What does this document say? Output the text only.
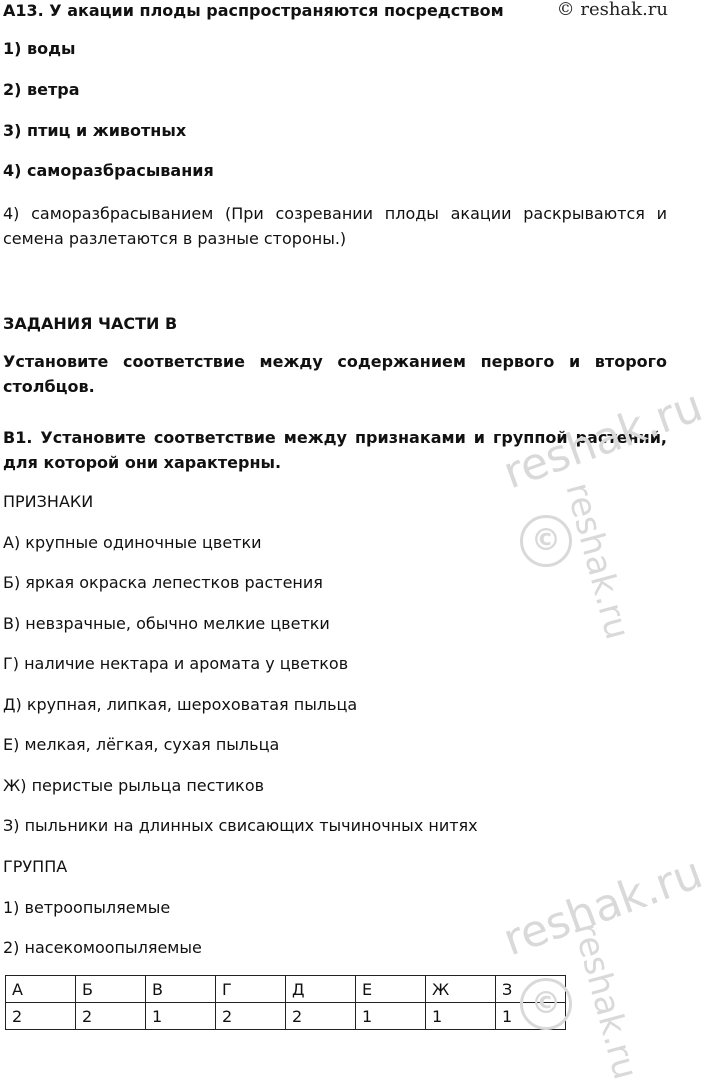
А13. У акации плоды распространяются посредством	© reshak.ru
1) воды
2) ветра
3) птиц и животных
4) саморазбрасывания
4) саморазбрасыванием (При созревании плоды акации раскрываются и семена разлетаются в разные стороны.)
ЗАДАНИЯ ЧАСТИ В
Установите соответствие между содержанием первого и второго столбцов.
В1. Установите соответствие между признаками и группой растений, для которой они характерны.
ПРИЗНАКИ
А) крупные одиночные цветки
Б) яркая окраска лепестков растения
В) невзрачные, обычно мелкие цветки
Г) наличие нектара и аромата у цветков
Д) крупная, липкая, шероховатая пыльца
Е) мелкая, лёгкая, сухая пыльца
Ж) перистые рыльца пестиков
З) пыльники на длинных свисающих тычиночных нитях
ГРУППА
1) ветроопыляемые
2) насекомоопыляемые
А	Б	В	Г	Д	Е	Ж	З
2	2	1	2	2	1	1	1
reshak.ru
©
reshak.ru
reshak.ru
© reshak.ru
